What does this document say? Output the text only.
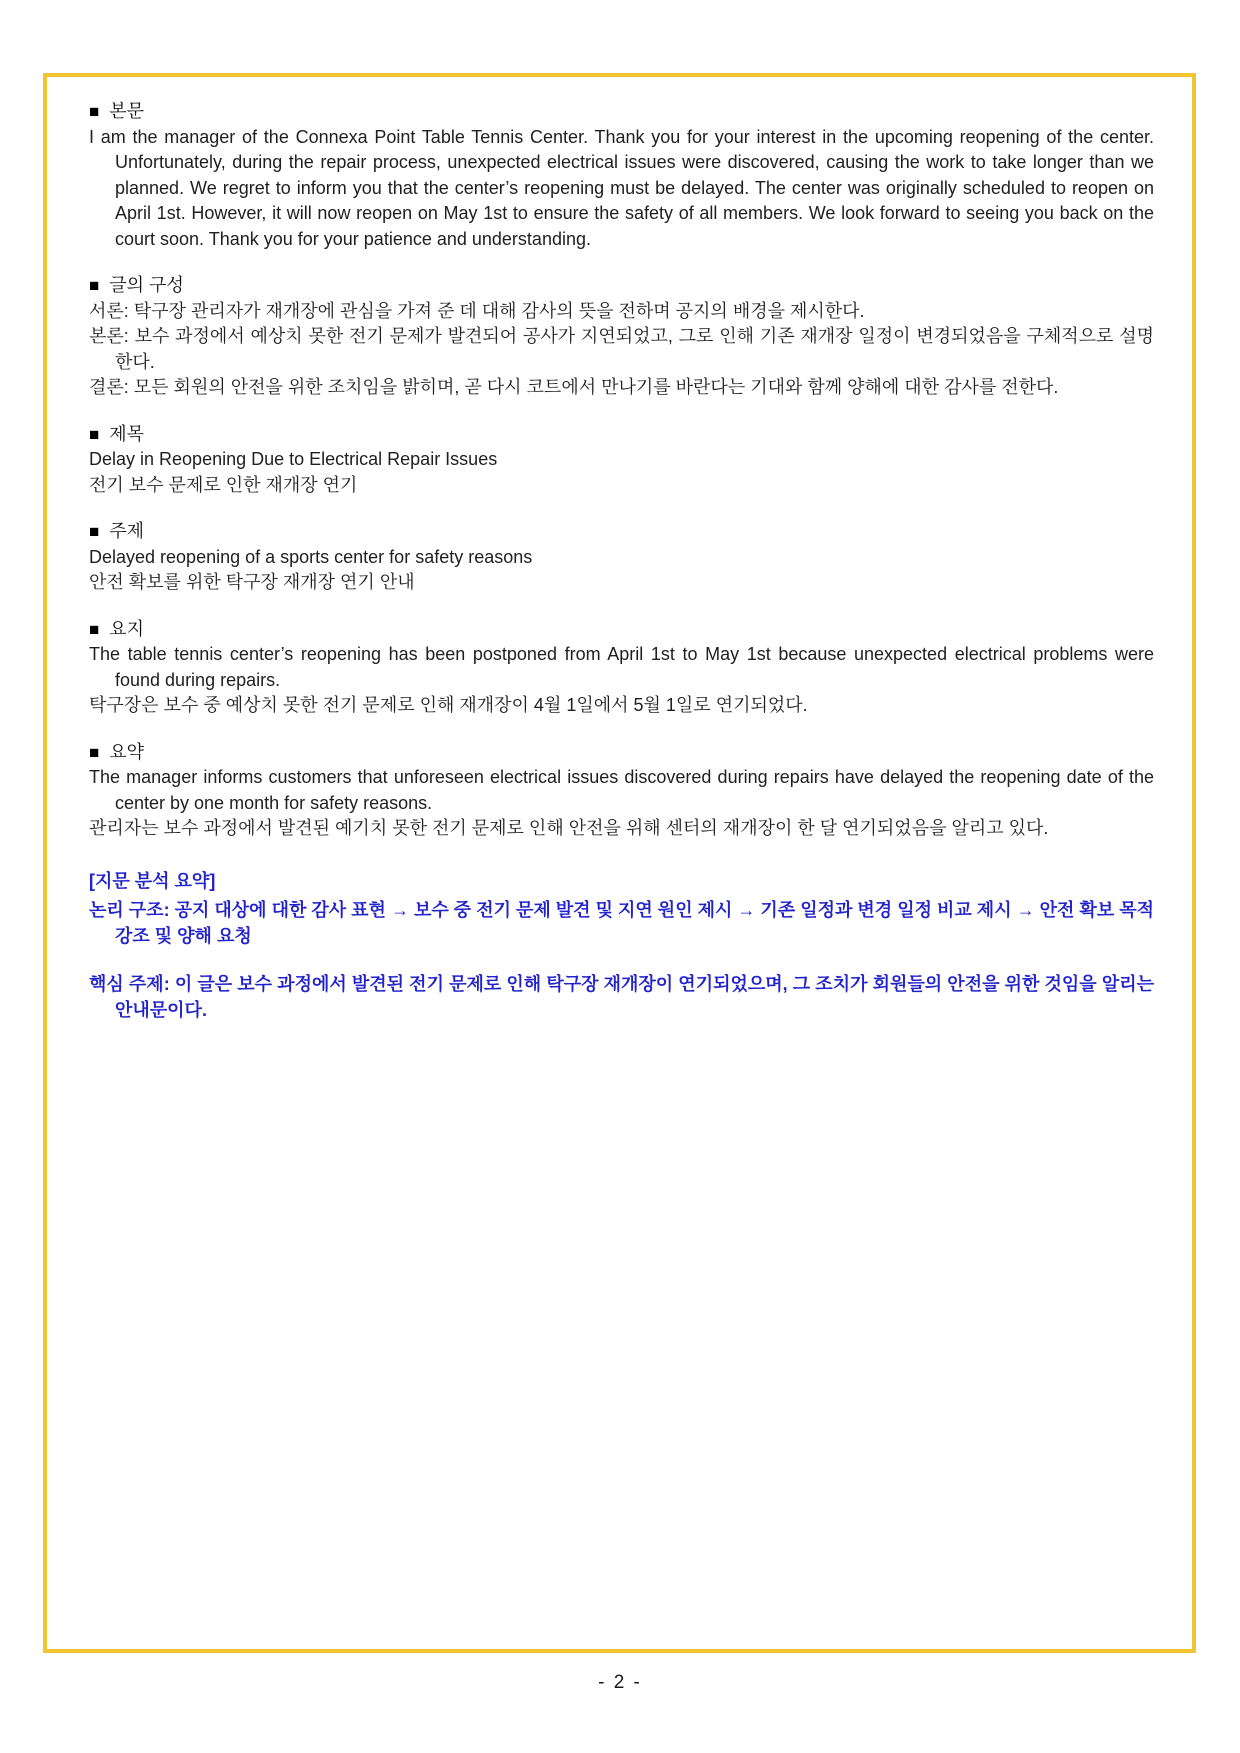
■ 본문

I am the manager of the Connexa Point Table Tennis Center. Thank you for your interest in the upcoming reopening of the center. Unfortunately, during the repair process, unexpected electrical issues were discovered, causing the work to take longer than we planned. We regret to inform you that the center’s reopening must be delayed. The center was originally scheduled to reopen on April 1st. However, it will now reopen on May 1st to ensure the safety of all members. We look forward to seeing you back on the court soon. Thank you for your patience and understanding.

■ 글의 구성

서론: 탁구장 관리자가 재개장에 관심을 가져 준 데 대해 감사의 뜻을 전하며 공지의 배경을 제시한다.

본론: 보수 과정에서 예상치 못한 전기 문제가 발견되어 공사가 지연되었고, 그로 인해 기존 재개장 일정이 변경되었음을 구체적으로 설명한다.

결론: 모든 회원의 안전을 위한 조치임을 밝히며, 곧 다시 코트에서 만나기를 바란다는 기대와 함께 양해에 대한 감사를 전한다.

■ 제목

Delay in Reopening Due to Electrical Repair Issues

전기 보수 문제로 인한 재개장 연기

■ 주제

Delayed reopening of a sports center for safety reasons

안전 확보를 위한 탁구장 재개장 연기 안내

■ 요지

The table tennis center’s reopening has been postponed from April 1st to May 1st because unexpected electrical problems were found during repairs.

탁구장은 보수 중 예상치 못한 전기 문제로 인해 재개장이 4월 1일에서 5월 1일로 연기되었다.

■ 요약

The manager informs customers that unforeseen electrical issues discovered during repairs have delayed the reopening date of the center by one month for safety reasons.

관리자는 보수 과정에서 발견된 예기치 못한 전기 문제로 인해 안전을 위해 센터의 재개장이 한 달 연기되었음을 알리고 있다.

[지문 분석 요약]

논리 구조: 공지 대상에 대한 감사 표현 → 보수 중 전기 문제 발견 및 지연 원인 제시 → 기존 일정과 변경 일정 비교 제시 → 안전 확보 목적 강조 및 양해 요청

핵심 주제: 이 글은 보수 과정에서 발견된 전기 문제로 인해 탁구장 재개장이 연기되었으며, 그 조치가 회원들의 안전을 위한 것임을 알리는 안내문이다.

- 2 -
